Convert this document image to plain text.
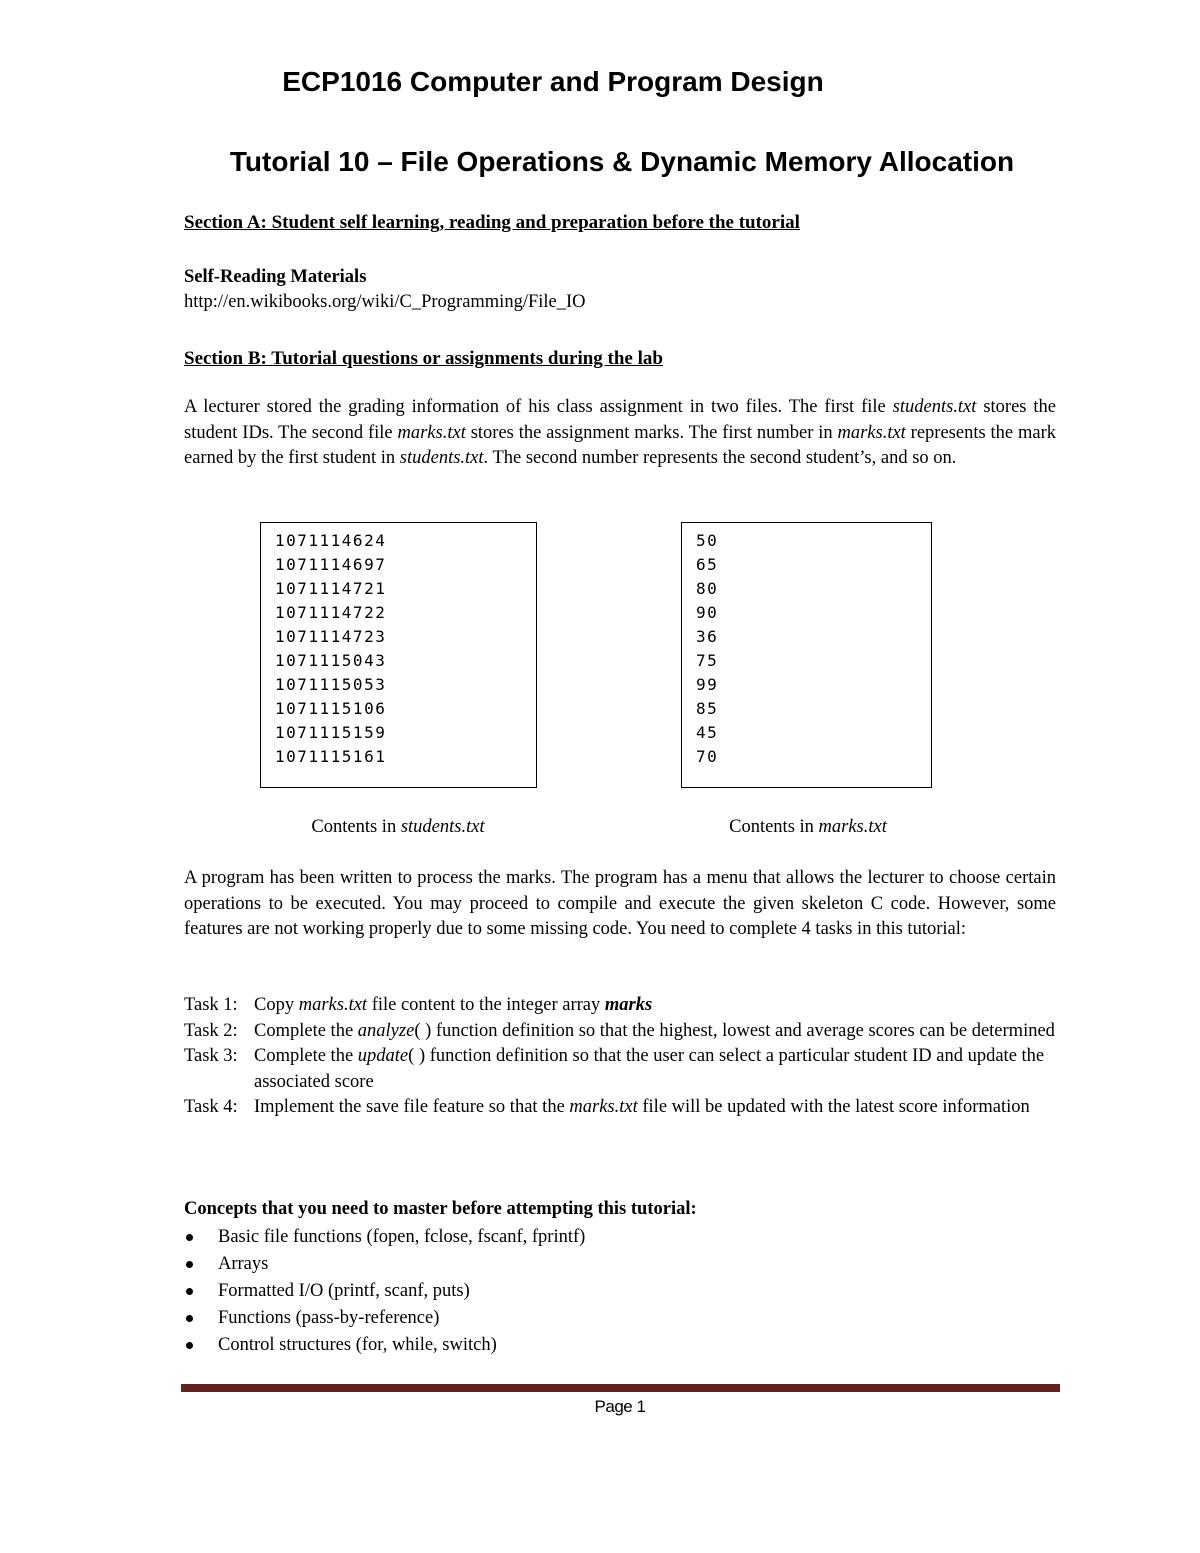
ECP1016 Computer and Program Design
Tutorial 10 – File Operations & Dynamic Memory Allocation
Section A: Student self learning, reading and preparation before the tutorial
Self-Reading Materials
http://en.wikibooks.org/wiki/C_Programming/File_IO
Section B: Tutorial questions or assignments during the lab
A lecturer stored the grading information of his class assignment in two files. The first file students.txt stores the student IDs. The second file marks.txt stores the assignment marks. The first number in marks.txt represents the mark earned by the first student in students.txt. The second number represents the second student’s, and so on.
1071114624
1071114697
1071114721
1071114722
1071114723
1071115043
1071115053
1071115106
1071115159
1071115161
50
65
80
90
36
75
99
85
45
70
Contents in students.txt	Contents in marks.txt
A program has been written to process the marks. The program has a menu that allows the lecturer to choose certain operations to be executed. You may proceed to compile and execute the given skeleton C code. However, some features are not working properly due to some missing code. You need to complete 4 tasks in this tutorial:
Task 1: Copy marks.txt file content to the integer array marks
Task 2: Complete the analyze( ) function definition so that the highest, lowest and average scores can be determined
Task 3: Complete the update( ) function definition so that the user can select a particular student ID and update the associated score
Task 4: Implement the save file feature so that the marks.txt file will be updated with the latest score information
Concepts that you need to master before attempting this tutorial:
Basic file functions (fopen, fclose, fscanf, fprintf)
Arrays
Formatted I/O (printf, scanf, puts)
Functions (pass-by-reference)
Control structures (for, while, switch)
Page 1
